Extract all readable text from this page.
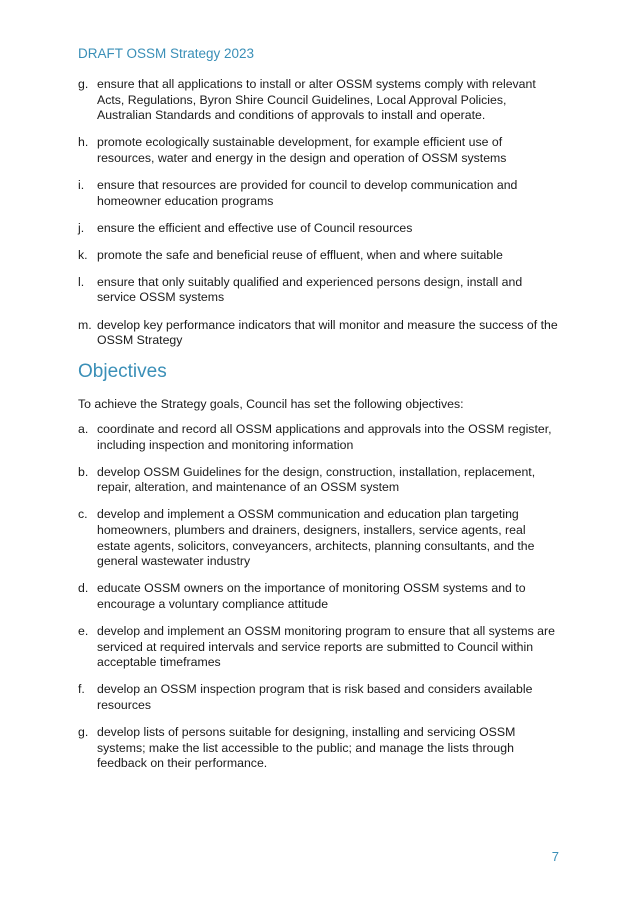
DRAFT OSSM Strategy 2023
g. ensure that all applications to install or alter OSSM systems comply with relevant Acts, Regulations, Byron Shire Council Guidelines, Local Approval Policies, Australian Standards and conditions of approvals to install and operate.
h. promote ecologically sustainable development, for example efficient use of resources, water and energy in the design and operation of OSSM systems
i.	ensure that resources are provided for council to develop communication and homeowner education programs
j.	ensure the efficient and effective use of Council resources
k. promote the safe and beneficial reuse of effluent, when and where suitable
l.	ensure that only suitably qualified and experienced persons design, install and service OSSM systems
m. develop key performance indicators that will monitor and measure the success of the OSSM Strategy
Objectives

To achieve the Strategy goals, Council has set the following objectives:

a. coordinate and record all OSSM applications and approvals into the OSSM register, including inspection and monitoring information
b. develop OSSM Guidelines for the design, construction, installation, replacement, repair, alteration, and maintenance of an OSSM system
c. develop and implement a OSSM communication and education plan targeting homeowners, plumbers and drainers, designers, installers, service agents, real estate agents, solicitors, conveyancers, architects, planning consultants, and the general wastewater industry
d. educate OSSM owners on the importance of monitoring OSSM systems and to encourage a voluntary compliance attitude
e. develop and implement an OSSM monitoring program to ensure that all systems are serviced at required intervals and service reports are submitted to Council within acceptable timeframes
f. develop an OSSM inspection program that is risk based and considers available resources
g. develop lists of persons suitable for designing, installing and servicing OSSM systems; make the list accessible to the public; and manage the lists through feedback on their performance.
7
